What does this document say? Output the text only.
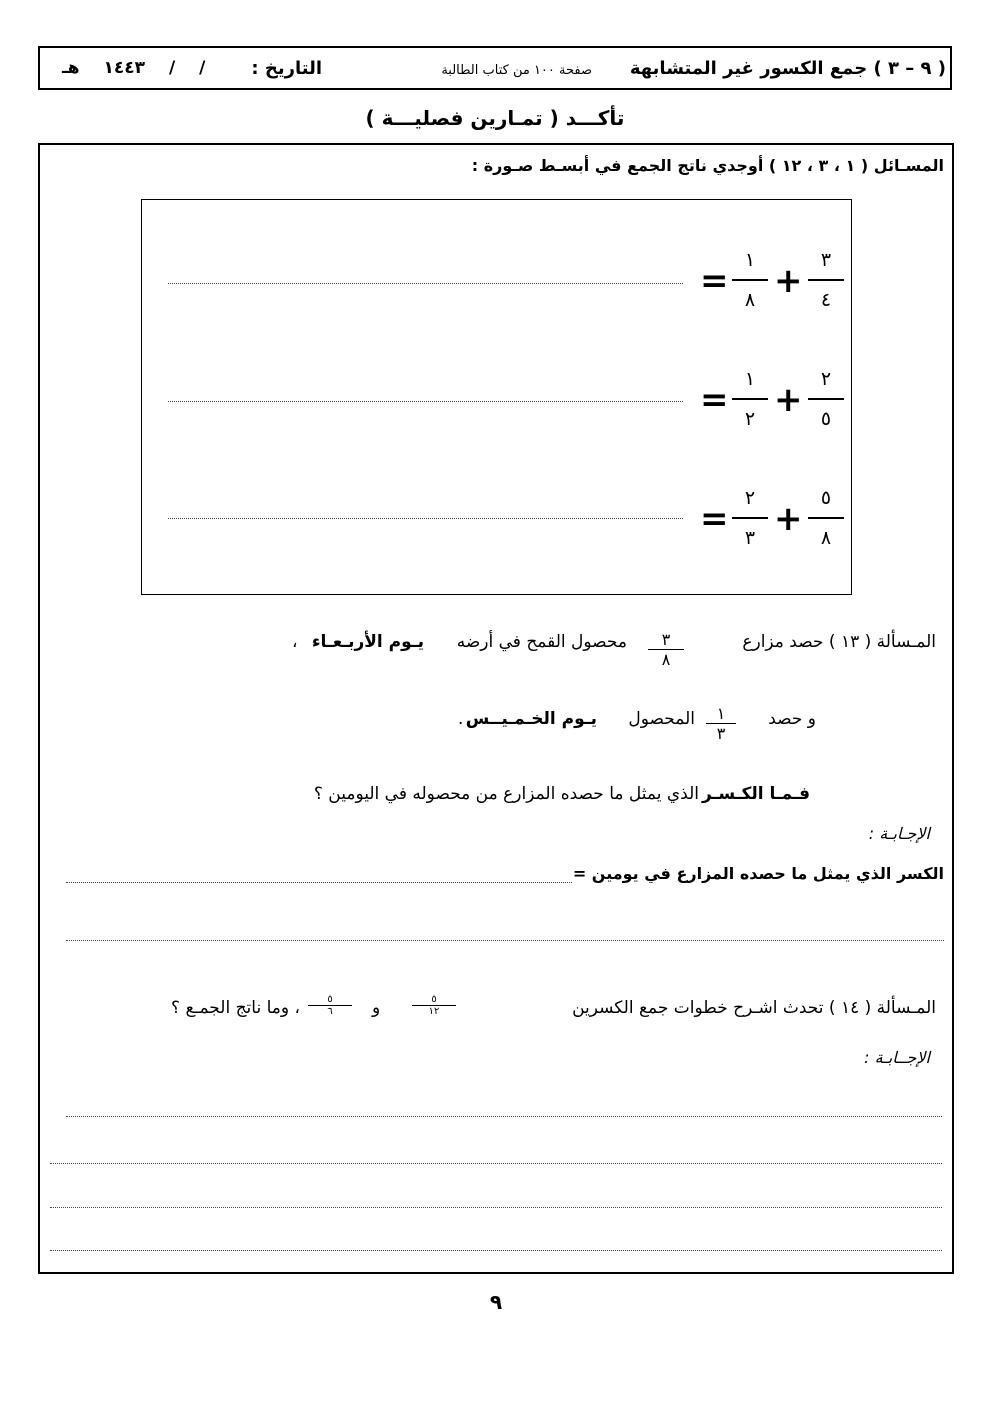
( ٩ – ٣ ) جمع الكسور غير المتشابهة
صفحة ١٠٠ من كتاب الطالبة
التاريخ :
/ / ١٤٤٣ هـ
تأكـــد ( تمـارين فصليـــة )
المسـائل ( ١ ، ٣ ، ١٢ ) أوجدي ناتج الجمع في أبسـط صـورة :
٣
٤
+
١
٨
=
٢
٥
+
١
٢
=
٥
٨
+
٢
٣
=
المـسألة ( ١٣ ) حصد مزارع
٣
٨
محصول القمح في أرضه
يـوم الأربـعـاء
،
و حصد
١
٣
المحصول
يـوم الخـمـيــس
.
فـمـا الكـسـر
الذي يمثل ما حصده المزارع من محصوله في اليومين ؟
الإجـابـة :
الكسر الذي يمثل ما حصده المزارع في يومين =
المـسألة ( ١٤ ) تحدث اشـرح خطوات جمع الكسرين
٥
١٢
و
٥
٦
، وما ناتج الجمـع ؟
الإجــابـة :
٩
